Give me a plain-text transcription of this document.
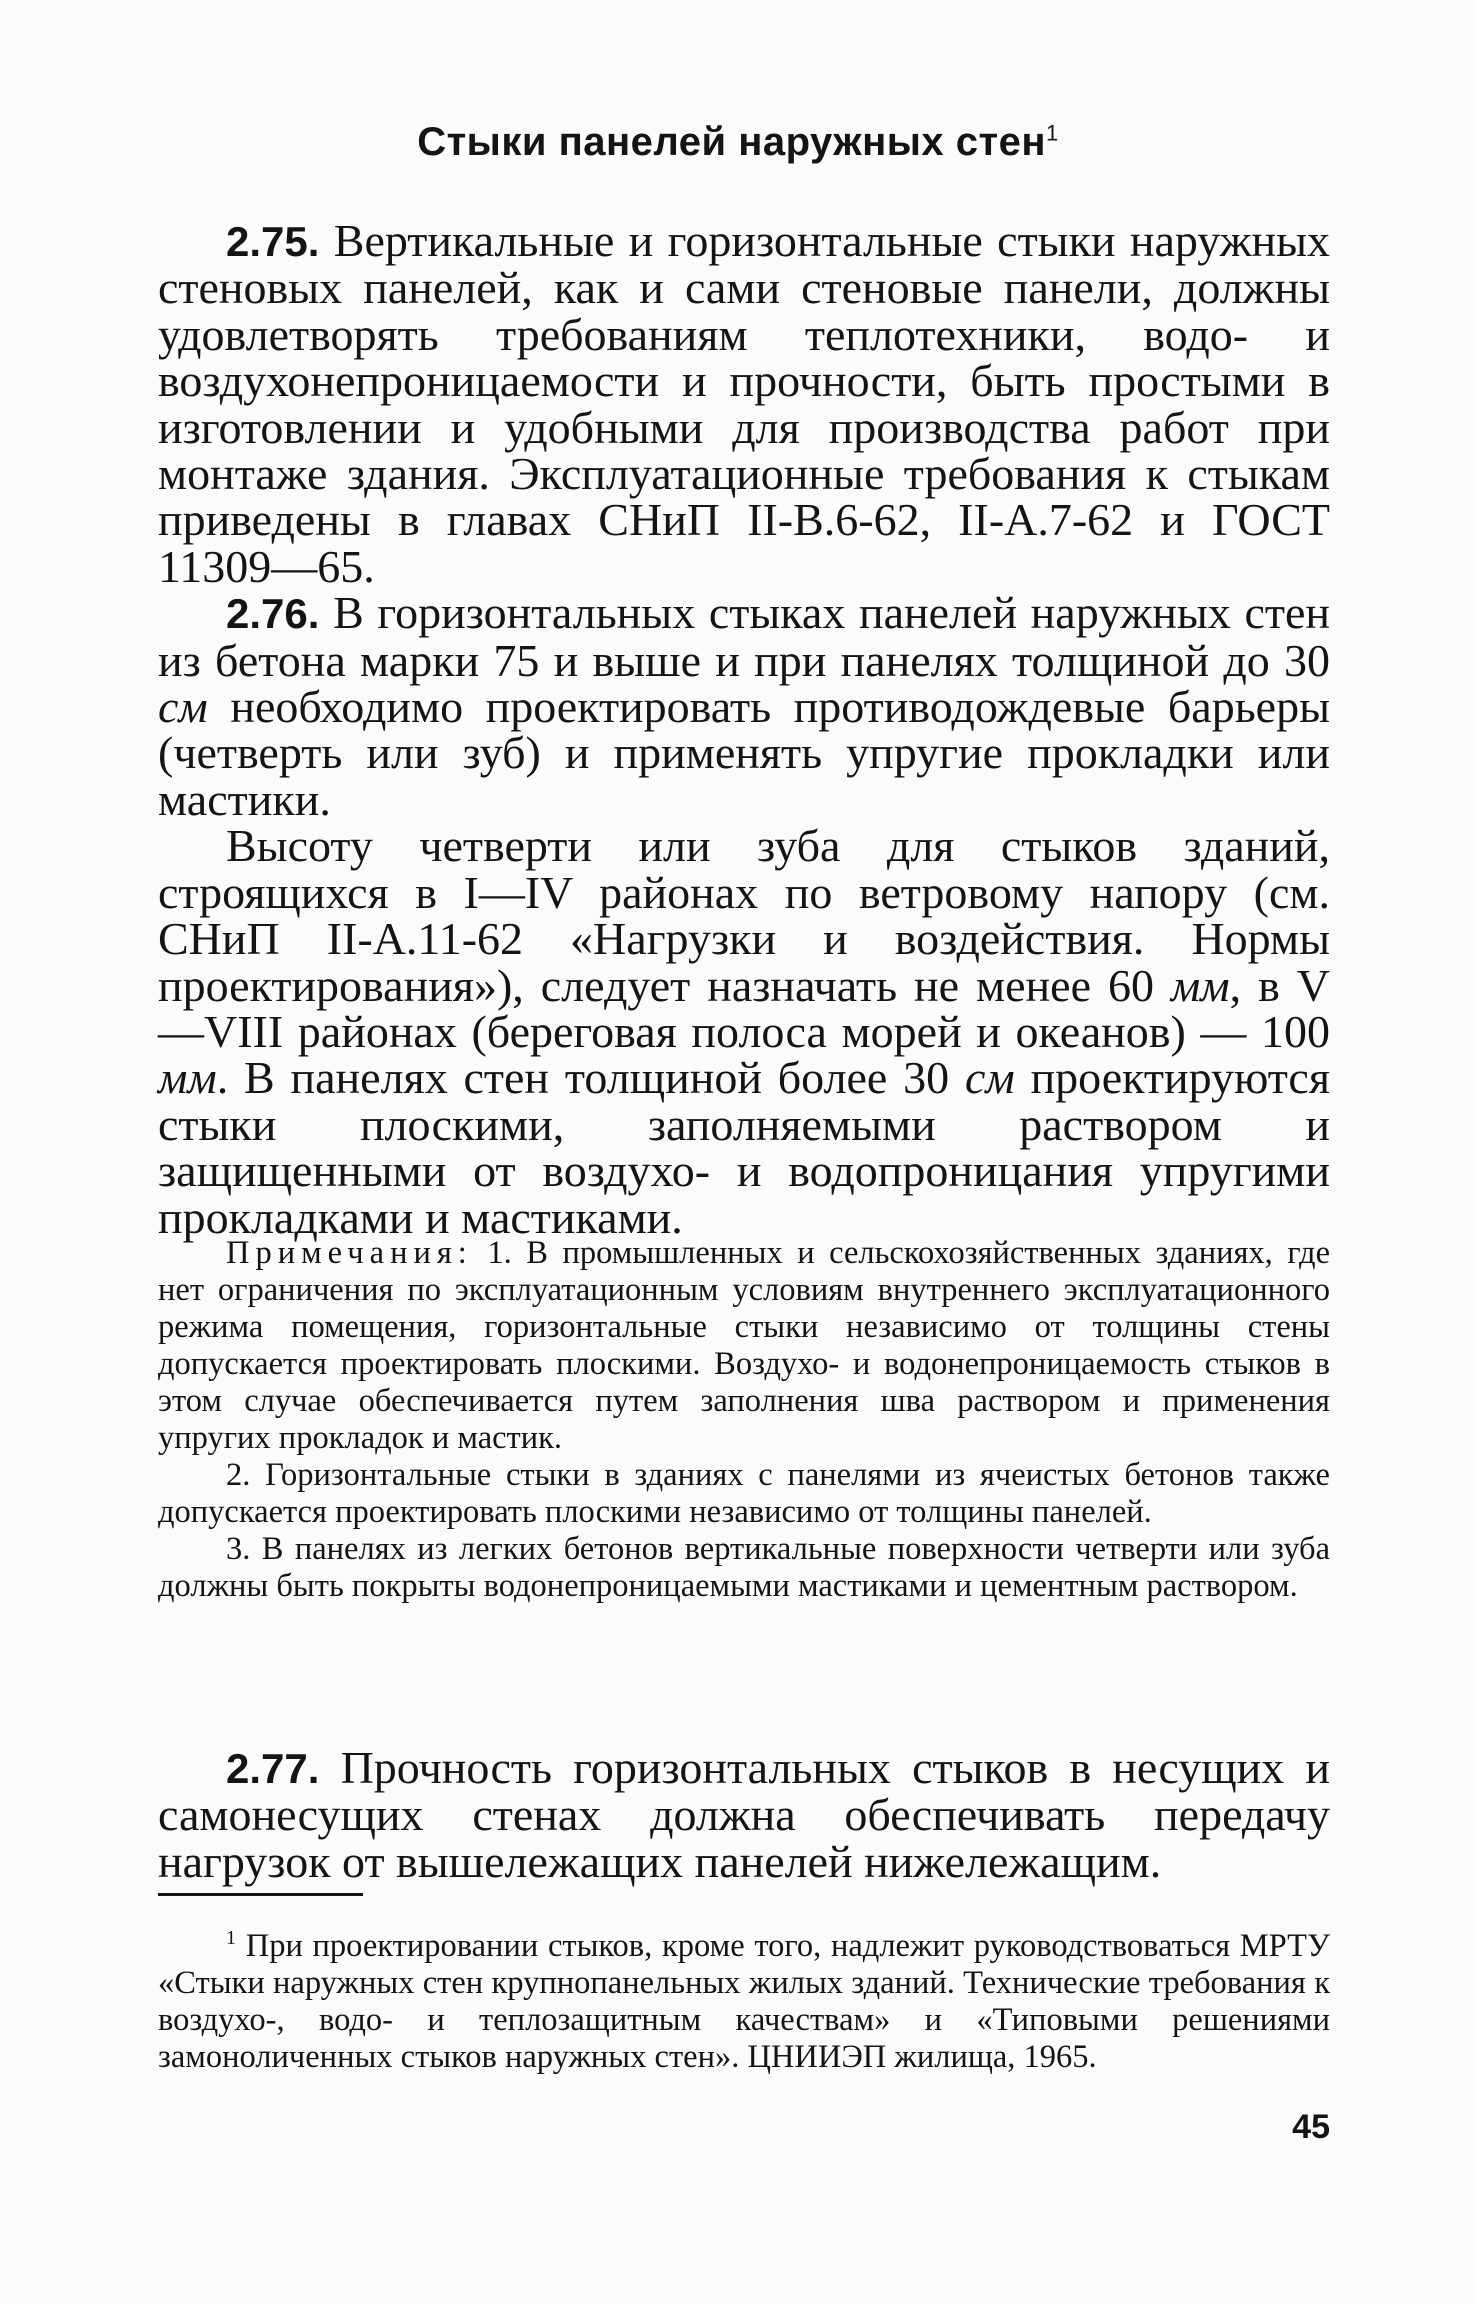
Стыки панелей наружных стен$^1$

2.75. Вертикальные и горизонтальные стыки наружных стеновых панелей, как и сами стеновые панели, должны удовлетворять требованиям теплотехники, водо- и воздухонепроницаемости и прочности, быть простыми в изготовлении и удобными для производства работ при монтаже здания. Эксплуатационные требования к стыкам приведены в главах СНиП II-В.6-62, II-А.7-62 и ГОСТ 11309—65.

2.76. В горизонтальных стыках панелей наружных стен из бетона марки 75 и выше и при панелях толщиной до 30 см необходимо проектировать противодождевые барьеры (четверть или зуб) и применять упругие прокладки или мастики.

Высоту четверти или зуба для стыков зданий, строящихся в I—IV районах по ветровому напору (см. СНиП II-А.11-62 «Нагрузки и воздействия. Нормы проектирования»), следует назначать не менее 60 мм, в V—VIII районах (береговая полоса морей и океанов) — 100 мм. В панелях стен толщиной более 30 см проектируются стыки плоскими, заполняемыми раствором и защищенными от воздухо- и водопроницания упругими прокладками и мастиками.

Примечания: 1. В промышленных и сельскохозяйственных зданиях, где нет ограничения по эксплуатационным условиям внутреннего эксплуатационного режима помещения, горизонтальные стыки независимо от толщины стены допускается проектировать плоскими. Воздухо- и водонепроницаемость стыков в этом случае обеспечивается путем заполнения шва раствором и применения упругих прокладок и мастик.

2. Горизонтальные стыки в зданиях с панелями из ячеистых бетонов также допускается проектировать плоскими независимо от толщины панелей.

3. В панелях из легких бетонов вертикальные поверхности четверти или зуба должны быть покрыты водонепроницаемыми мастиками и цементным раствором.

2.77. Прочность горизонтальных стыков в несущих и самонесущих стенах должна обеспечивать передачу нагрузок от вышележащих панелей нижележащим.

$^1$ При проектировании стыков, кроме того, надлежит руководствоваться МРТУ «Стыки наружных стен крупнопанельных жилых зданий. Технические требования к воздухо-, водо- и теплозащитным качествам» и «Типовыми решениями замоноличенных стыков наружных стен». ЦНИИЭП жилища, 1965.

45
